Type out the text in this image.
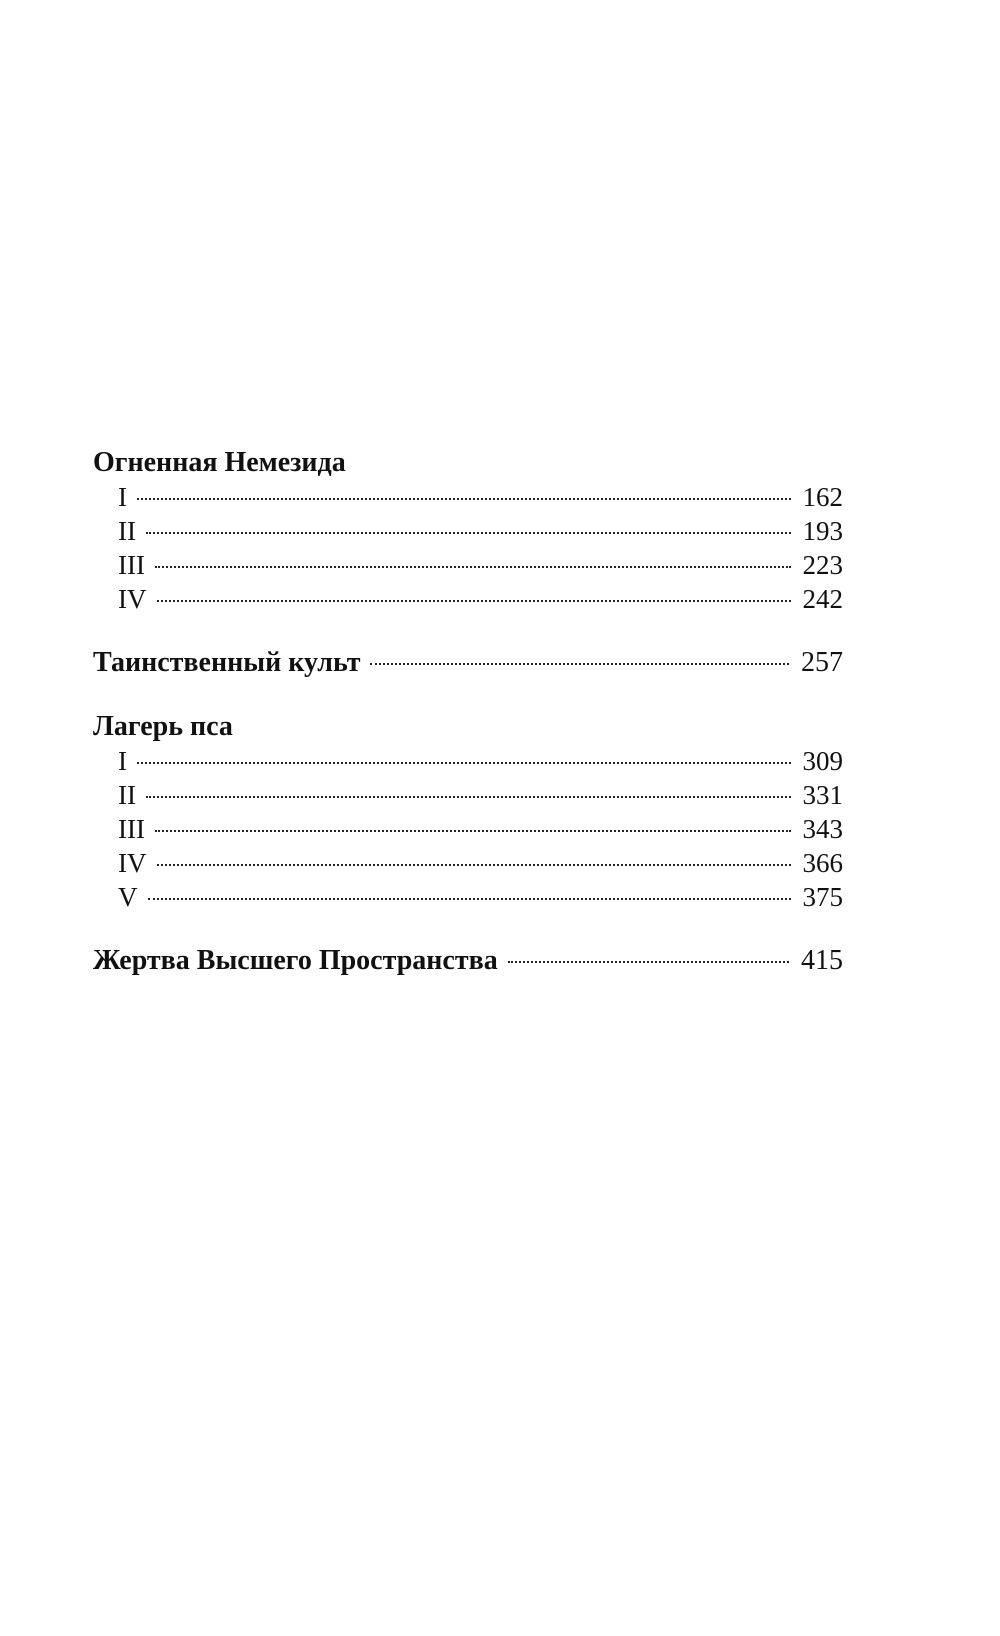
Огненная Немезида
I	162
II	193
III	223
IV	242
Таинственный культ	257
Лагерь пса
I	309
II	331
III	343
IV	366
V	375
Жертва Высшего Пространства	415
